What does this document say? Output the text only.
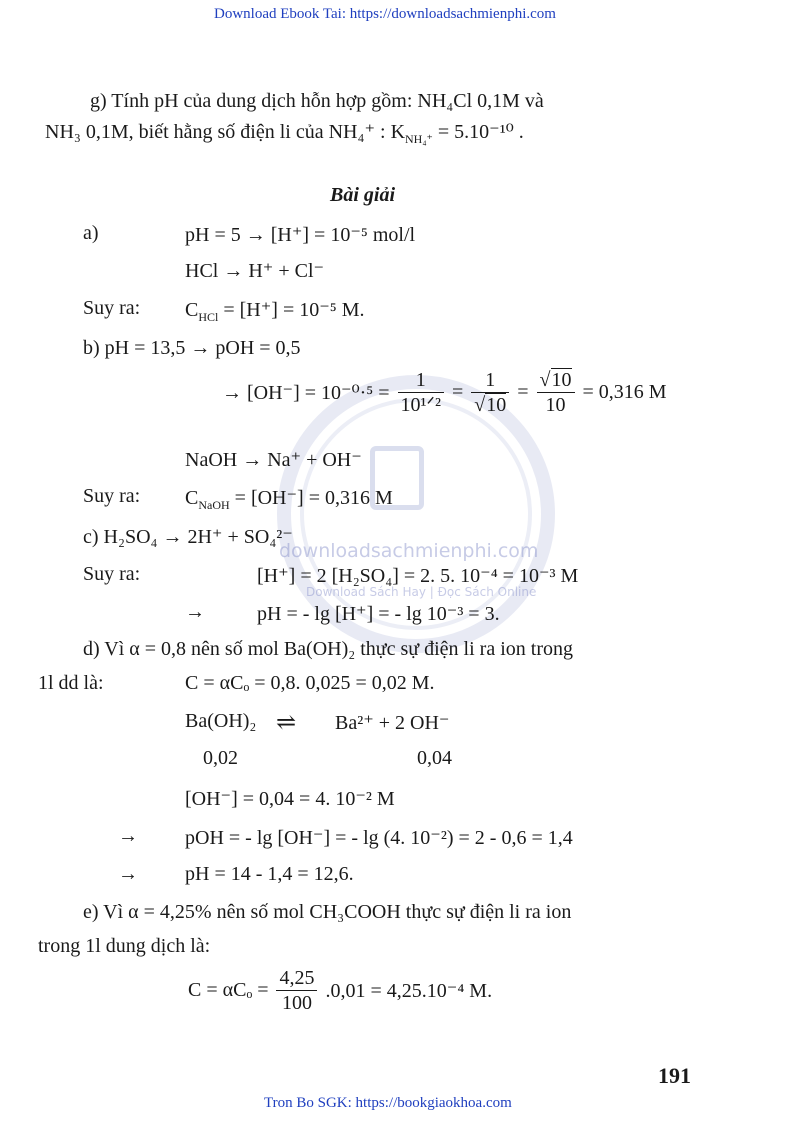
downloadsachmienphi.com
Download Sách Hay | Đọc Sách Online
Download Ebook Tai: https://downloadsachmienphi.com
g) Tính pH của dung dịch hỗn hợp gồm: NH₄Cl 0,1M và
NH₃ 0,1M, biết hằng số điện li của NH₄⁺ : $K_{NH_4^+} = 5.10^{-10}$ .
Bài giải
a)	pH = 5 → [H⁺] = 10⁻⁵ mol/l
HCl → H⁺ + Cl⁻
Suy ra: $C_{HCl} = [H^+] = 10^{-5}$ M.
b) pH = 13,5 → pOH = 0,5
→ $[OH^-] = 10^{-0}\cdot^5 = \frac{1}{\text{10¹ᐟ²}} = \frac{1}{√10} = \frac{√10}{10} = 0,316$ M
NaOH → Na⁺ + OH⁻
Suy ra: $C_{NaOH} = [OH^-] = 0,316$ M
c) H₂SO₄ → 2H⁺ + SO₄²⁻
Suy ra:	[H⁺] = 2 [H₂SO₄] = 2. 5. 10⁻⁴ = 10⁻³ M
→	pH = - lg [H⁺] = - lg 10⁻³ = 3.
d) Vì α = 0,8 nên số mol Ba(OH)₂ thực sự điện li ra ion trong
1l dd là:	C = αCₒ = 0,8. 0,025 = 0,02 M.
Ba(OH)₂ ⇌ Ba²⁺ + 2 OH⁻
0,02	0,04
[OH⁻] = 0,04 = 4. 10⁻² M
→ pOH = - lg [OH⁻] = - lg (4. 10⁻²) = 2 - 0,6 = 1,4
→ pH = 14 - 1,4 = 12,6.
e) Vì α = 4,25% nên số mol CH₃COOH thực sự điện li ra ion
trong 1l dung dịch là:
$C = \alpha C_o = \frac{4,25}{100} .0,01 = 4,25.10^{-4}$ M.
191
Tron Bo SGK: https://bookgiaokhoa.com
